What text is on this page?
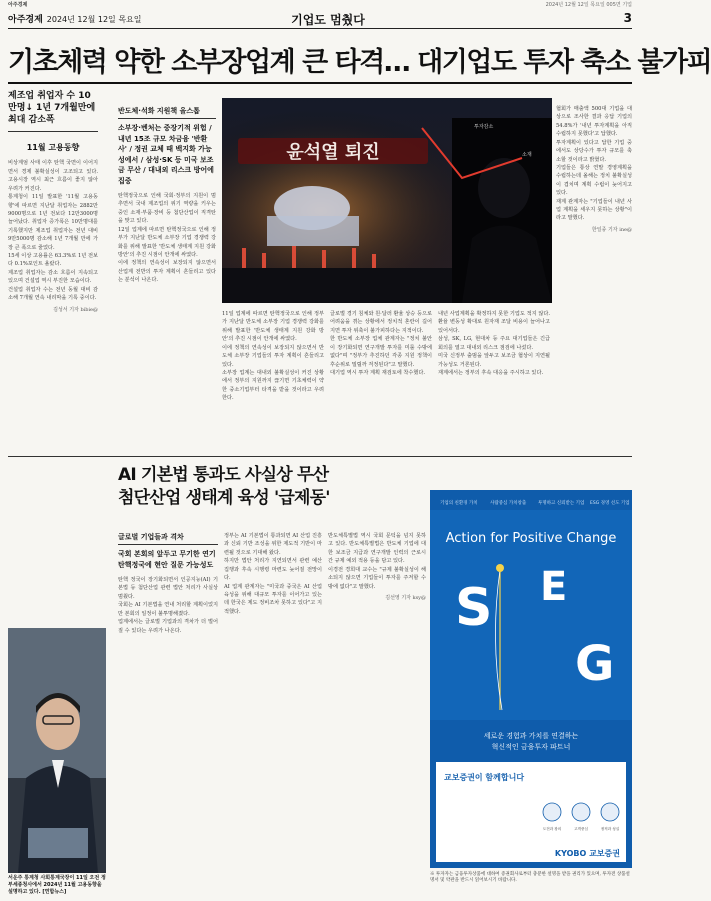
아주경제	2024년 12월 12일 목요일 005면 기업
아주경제 2024년 12월 12일 목요일	기업도 멈췄다	3
기초체력 약한 소부장업계 큰 타격… 대기업도 투자 축소 불가피
제조업 취업자 수 10만명↓ 1년 7개월만에 최대 감소폭
11월 고용동향
비상계엄 사태 이후 탄핵 국면이 이어지면서 경제 불확실성이 고조되고 있다. 고용시장 역시 최근 흐름이 좋지 않아 우려가 커진다.
통계청이 11일 발표한 '11월 고용동향'에 따르면 지난달 취업자는 2882만9000명으로 1년 전보다 12만3000명 늘어났다. 취업자 증가폭은 10만명대를 기록했지만 제조업 취업자는 전년 대비 9만5000명 감소해 1년 7개월 만에 가장 큰 폭으로 줄었다.
15세 이상 고용률은 63.3%로 1년 전보다 0.1%포인트 올랐다.
제조업 취업자는 감소 흐름이 지속되고 있으며 건설업 역시 부진한 모습이다.
건설업 취업자 수는 전년 동월 대비 감소해 7개월 연속 내리막을 기록 중이다.
김성서 기자 bibie@
반도체·석화 지원책 올스톱
소부장·벤처는 중장기적 위험 / 내년 15조 규모 차금융 '반환사' / 정권 교체 때 백지화 가능성에서 / 삼성·SK 등 미국 보조금 무산 / 대내외 리스크 방어에 집중
탄핵정국으로 인해 국회·정부의 지원이 멈추면서 국내 제조업의 위기 역량을 키우는 중인 소재·부품·장비 등 첨단산업이 직격탄을 맞고 있다.
12일 업계에 따르면 탄핵정국으로 인해 정부가 지난달 반도체 소부장 기업 경쟁력 강화를 위해 발표한 '반도체 생태계 지원 강화 방안'의 추진 시점이 안개에 싸였다.
이에 정책의 연속성이 보장되지 않으면서 산업계 전반의 투자 계획이 흔들리고 있다는 분석이 나온다.
윤석열 퇴진
투자감소
소재
11일 업계에 따르면 탄핵정국으로 인해 정부가 지난달 반도체 소부장 기업 경쟁력 강화를 위해 발표한 '반도체 생태계 지원 강화 방안'의 추진 시점이 안개에 싸였다.
이에 정책의 연속성이 보장되지 않으면서 반도체 소부장 기업들의 투자 계획이 흔들리고 있다.
소부장 업계는 대내외 불확실성이 커진 상황에서 정부의 지원까지 끊기면 기초체력이 약한 중소기업부터 타격을 받을 것이라고 우려한다.
글로벌 경기 침체와 원·달러 환율 상승 등으로 어려움을 겪는 상황에서 정치적 혼란이 길어지면 투자 위축이 불가피하다는 지적이다.
한 반도체 소부장 업체 관계자는 "정치 불안이 장기화되면 연구개발 투자를 미룰 수밖에 없다"며 "정부가 추진하던 각종 지원 정책이 후순위로 밀릴까 걱정된다"고 말했다.
대기업 역시 투자 계획 재검토에 착수했다.
내년 사업계획을 확정하지 못한 기업도 적지 않다. 환율 변동성 확대로 원자재 조달 비용이 늘어나고 있어서다.
삼성, SK, LG, 현대차 등 주요 대기업들은 긴급 회의를 열고 대내외 리스크 점검에 나섰다.
미국 신정부 출범을 앞두고 보조금 협상이 지연될 가능성도 거론된다.
재계에서는 정부의 후속 대응을 주시하고 있다.
협회가 매출액 500대 기업을 대상으로 조사한 결과 응답 기업의 54.8%가 '내년 투자계획을 아직 수립하지 못했다'고 답했다.
투자계획이 있다고 답한 기업 중에서도 상당수가 투자 규모를 축소할 것이라고 밝혔다.
기업들은 통상 연말 경영계획을 수립하는데 올해는 정치 불확실성이 겹치며 계획 수립이 늦어지고 있다.
재계 관계자는 "기업들이 내년 사업 계획을 세우지 못하는 상황"이라고 말했다.
한일종 기자 ine@
AI 기본법 통과도 사실상 무산
첨단산업 생태계 육성 '급제동'
글로벌 기업들과 격차
국회 본회의 앞두고 무기한 연기 탄핵정국에 현안 질문 가능성도
탄핵 정국이 장기화되면서 인공지능(AI) 기본법 등 첨단산업 관련 법안 처리가 사실상 멈췄다.
국회는 AI 기본법을 연내 처리할 계획이었지만 본회의 일정이 불투명해졌다.
업계에서는 글로벌 기업과의 격차가 더 벌어질 수 있다는 우려가 나온다.
정부는 AI 기본법이 통과되면 AI 산업 진흥과 신뢰 기반 조성을 위한 제도적 기반이 마련될 것으로 기대해 왔다.
하지만 법안 처리가 지연되면서 관련 예산 집행과 후속 시행령 마련도 늦어질 전망이다.
AI 업계 관계자는 "미국과 중국은 AI 산업 육성을 위해 대규모 투자를 이어가고 있는데 한국은 제도 정비조차 못하고 있다"고 지적했다.
반도체특별법 역시 국회 문턱을 넘지 못하고 있다. 반도체특별법은 반도체 기업에 대한 보조금 지급과 연구개발 인력의 근로시간 규제 예외 적용 등을 담고 있다.
이경전 경희대 교수는 "규제 불확실성이 해소되지 않으면 기업들이 투자를 주저할 수밖에 없다"고 말했다.
김선영 기자 ksy@
서운주 통계청 사회통계국장이 11일 오전 정부세종청사에서 2024년 11월 고용동향을 설명하고 있다. [연합뉴스]
기업의 친환경 가치	사람중심 가치창출	투명하고 신뢰받는 기업 ESG 경영 선도 기업
Action for Positive Change
S E
G
세로운 경험과 가치를 연결하는
혁신적인 금융투자 파트너
교보증권이 함께합니다
도전과 창의	고객중심	정직과 성실
KYOBO 교보증권
※ 투자자는 금융투자상품에 대하여 증권회사로부터 충분한 설명을 받을 권리가 있으며, 투자전 상품설명서 및 약관을 반드시 읽어보시기 바랍니다.
